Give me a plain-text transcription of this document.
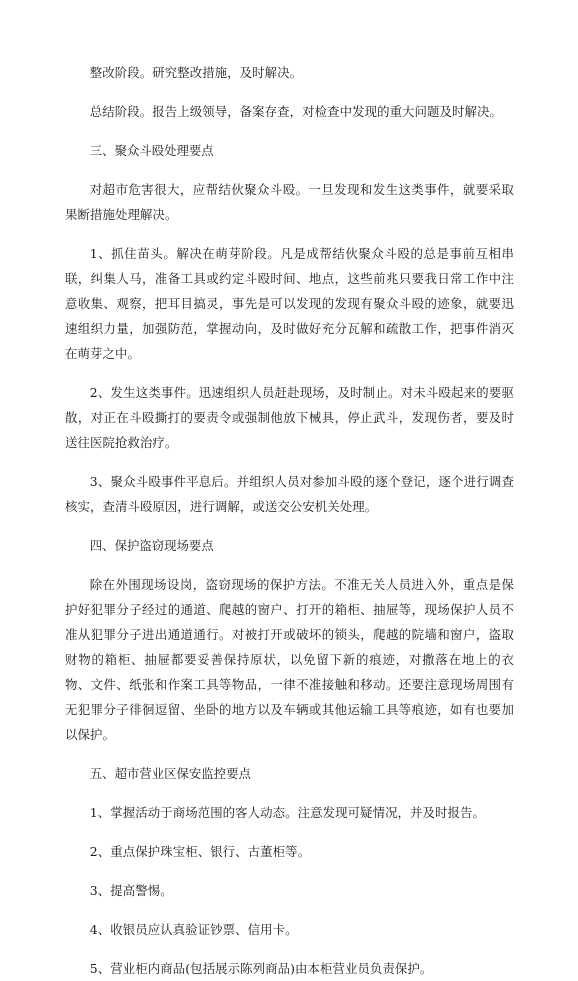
整改阶段。研究整改措施，及时解决。

总结阶段。报告上级领导，备案存查，对检查中发现的重大问题及时解决。

三、聚众斗殴处理要点

对超市危害很大，应帮结伙聚众斗殴。一旦发现和发生这类事件，就要采取果断措施处理解决。

1、抓住苗头。解决在萌芽阶段。凡是成帮结伙聚众斗殴的总是事前互相串联，纠集人马，准备工具或约定斗殴时间、地点，这些前兆只要我日常工作中注意收集、观察，把耳目搞灵，事先是可以发现的发现有聚众斗殴的迹象，就要迅速组织力量，加强防范，掌握动向，及时做好充分瓦解和疏散工作，把事件消灭在萌芽之中。

2、发生这类事件。迅速组织人员赶赴现场，及时制止。对未斗殴起来的要驱散，对正在斗殴撕打的要责令或强制他放下械具，停止武斗，发现伤者，要及时送往医院抢救治疗。

3、聚众斗殴事件平息后。并组织人员对参加斗殴的逐个登记，逐个进行调查核实，查清斗殴原因，进行调解，或送交公安机关处理。

四、保护盗窃现场要点

除在外围现场设岗，盗窃现场的保护方法。不准无关人员进入外，重点是保护好犯罪分子经过的通道、爬越的窗户、打开的箱柜、抽屉等，现场保护人员不准从犯罪分子进出通道通行。对被打开或破坏的锁头，爬越的院墙和窗户，盗取财物的箱柜、抽屉都要妥善保持原状，以免留下新的痕迹，对撒落在地上的衣物、文件、纸张和作案工具等物品，一律不准接触和移动。还要注意现场周围有无犯罪分子徘徊逗留、坐卧的地方以及车辆或其他运输工具等痕迹，如有也要加以保护。

五、超市营业区保安监控要点

1、掌握活动于商场范围的客人动态。注意发现可疑情况，并及时报告。

2、重点保护珠宝柜、银行、古董柜等。

3、提高警惕。

4、收银员应认真验证钞票、信用卡。

5、营业柜内商品(包括展示陈列商品)由本柜营业员负责保护。
